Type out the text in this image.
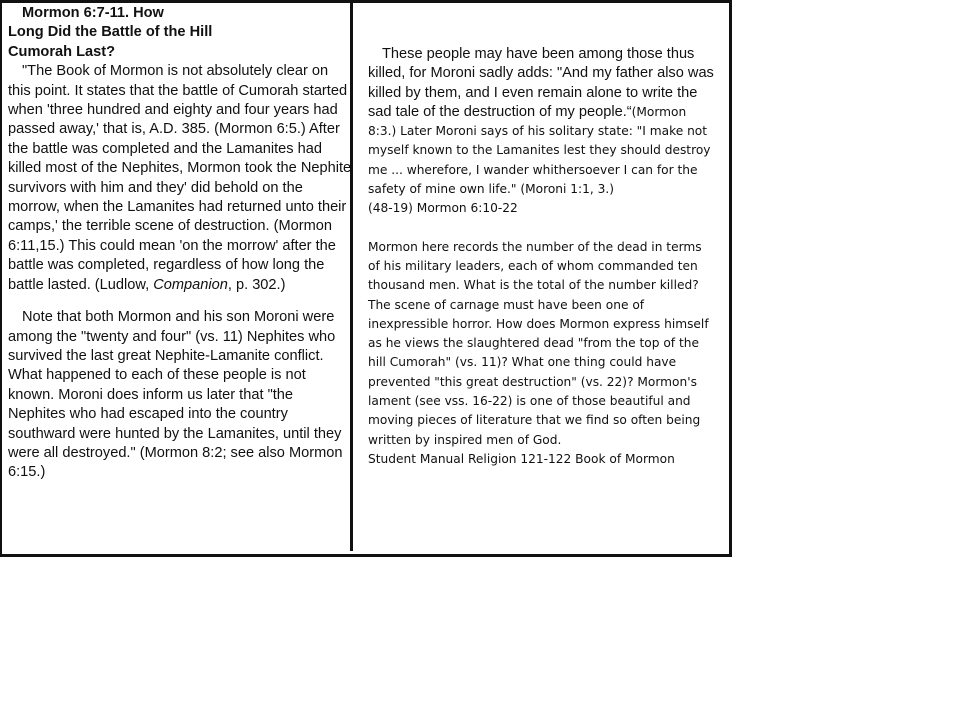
Mormon 6:7-11. How
Long Did the Battle of the Hill
Cumorah Last?

"The Book of Mormon is not absolutely clear on this point. It states that the battle of Cumorah started when 'three hundred and eighty and four years had passed away,' that is, A.D. 385. (Mormon 6:5.) After the battle was completed and the Lamanites had killed most of the Nephites, Mormon took the Nephite survivors with him and they' did behold on the morrow, when the Lamanites had returned unto their camps,' the terrible scene of destruction. (Mormon 6:11,15.) This could mean 'on the morrow' after the battle was completed, regardless of how long the battle lasted. (Ludlow, Companion, p. 302.)

Note that both Mormon and his son Moroni were among the "twenty and four" (vs. 11) Nephites who survived the last great Nephite-Lamanite conflict. What happened to each of these people is not known. Moroni does inform us later that "the Nephites who had escaped into the country southward were hunted by the Lamanites, until they were all destroyed." (Mormon 8:2; see also Mormon 6:15.)

These people may have been among those thus killed, for Moroni sadly adds: "And my father also was killed by them, and I even remain alone to write the sad tale of the destruction of my people.“(Mormon 8:3.) Later Moroni says of his solitary state: "I make not myself known to the Lamanites lest they should destroy me ... wherefore, I wander whithersoever I can for the safety of mine own life." (Moroni 1:1, 3.)

(48-19) Mormon 6:10-22

Mormon here records the number of the dead in terms of his military leaders, each of whom commanded ten thousand men. What is the total of the number killed? The scene of carnage must have been one of inexpressible horror. How does Mormon express himself as he views the slaughtered dead "from the top of the hill Cumorah" (vs. 11)? What one thing could have prevented "this great destruction" (vs. 22)? Mormon's lament (see vss. 16-22) is one of those beautiful and moving pieces of literature that we find so often being written by inspired men of God.

Student Manual Religion 121-122 Book of Mormon
